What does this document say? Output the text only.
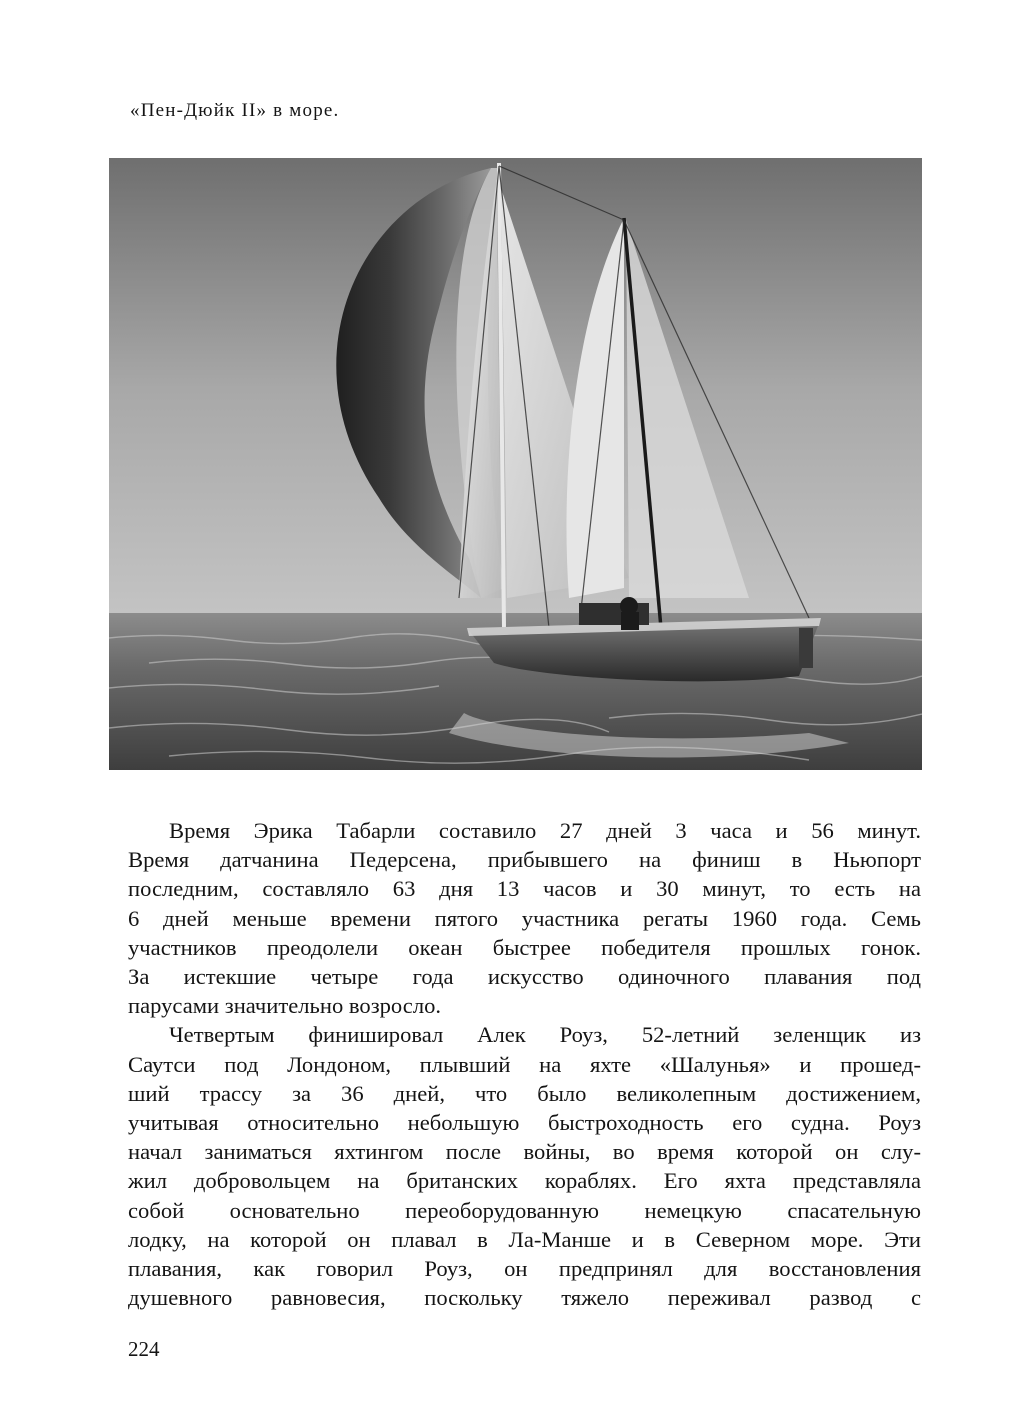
«Пен-Дюйк II» в море.

Время Эрика Табарли составило 27 дней 3 часа и 56 минут.
Время датчанина Педерсена, прибывшего на финиш в Ньюпорт
последним, составляло 63 дня 13 часов и 30 минут, то есть на
6 дней меньше времени пятого участника регаты 1960 года. Семь
участников преодолели океан быстрее победителя прошлых гонок.
За истекшие четыре года искусство одиночного плавания под
парусами значительно возросло.

Четвертым финишировал Алек Роуз, 52-летний зеленщик из
Саутси под Лондоном, плывший на яхте «Шалунья» и прошед-
ший трассу за 36 дней, что было великолепным достижением,
учитывая относительно небольшую быстроходность его судна. Роуз
начал заниматься яхтингом после войны, во время которой он слу-
жил добровольцем на британских кораблях. Его яхта представляла
собой основательно переоборудованную немецкую спасательную
лодку, на которой он плавал в Ла-Манше и в Северном море. Эти
плавания, как говорил Роуз, он предпринял для восстановления
душевного равновесия, поскольку тяжело переживал развод с

224
